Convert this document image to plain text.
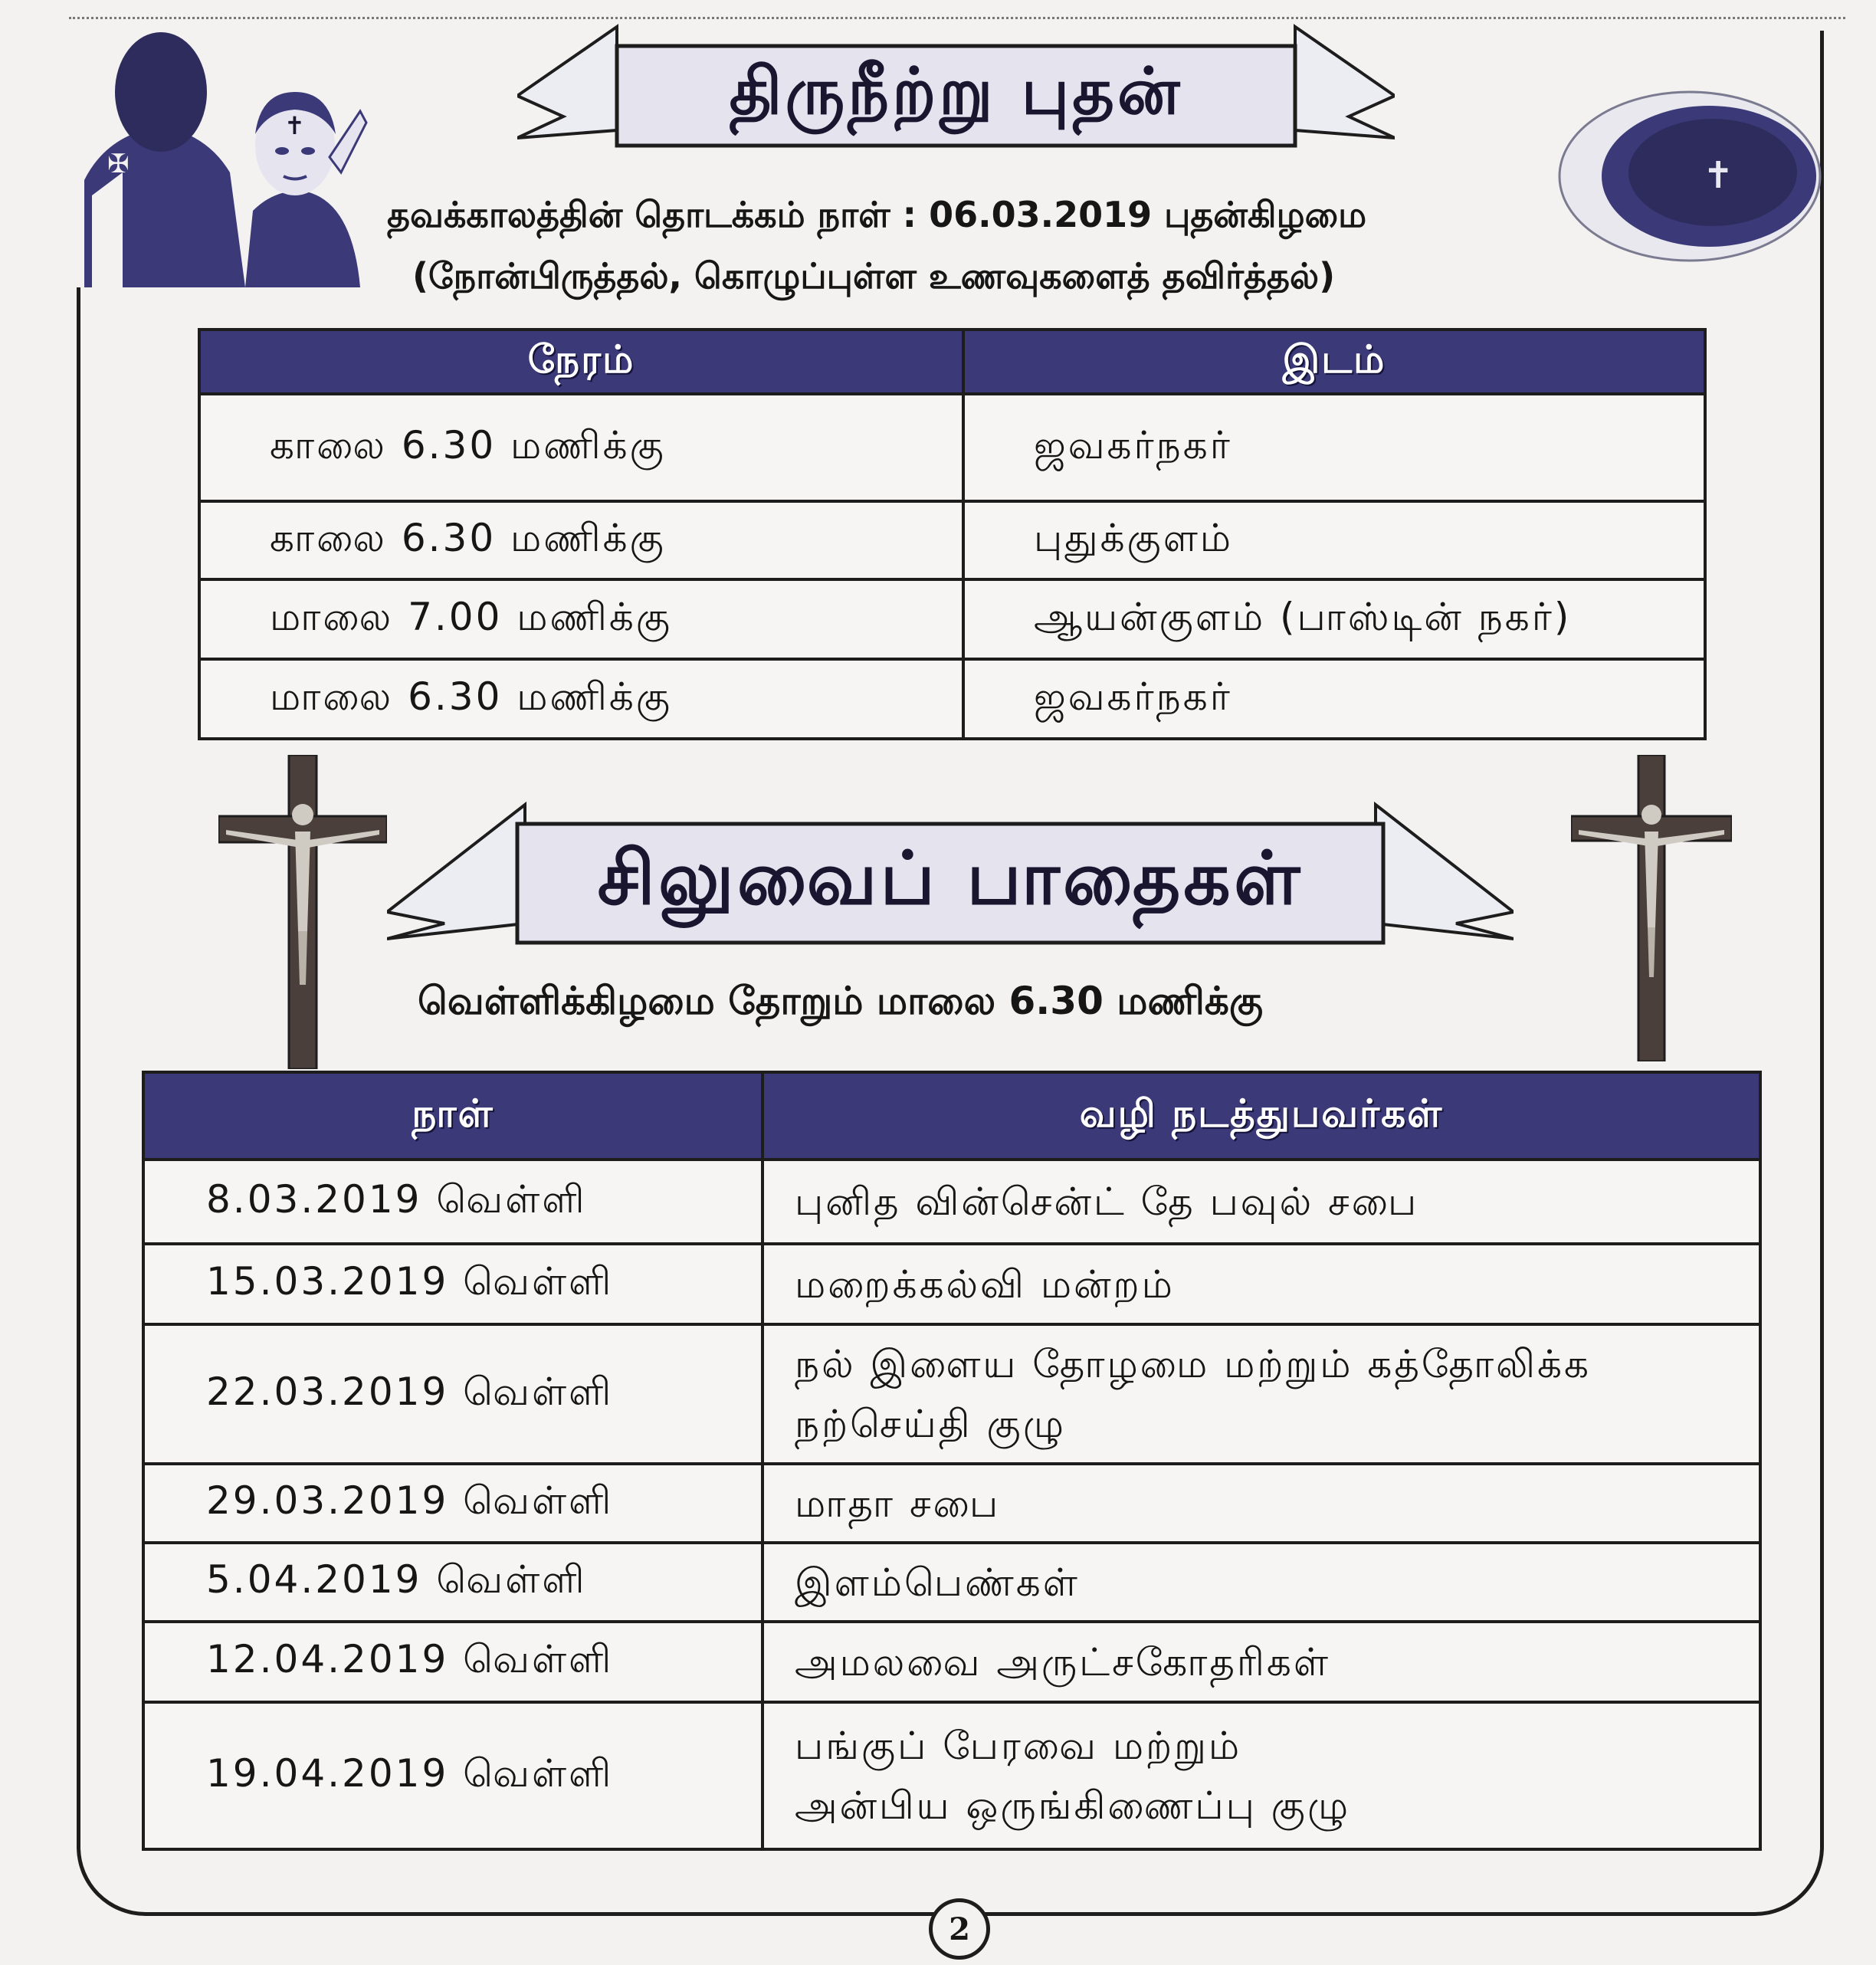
✠
✝
✝
திருநீற்று புதன்
தவக்காலத்தின் தொடக்கம் நாள் : 06.03.2019 புதன்கிழமை
(நோன்பிருத்தல், கொழுப்புள்ள உணவுகளைத் தவிர்த்தல்)
நேரம்	இடம்
காலை 6.30 மணிக்கு	ஜவகர்நகர்
காலை 6.30 மணிக்கு	புதுக்குளம்
மாலை 7.00 மணிக்கு	ஆயன்குளம் (பாஸ்டின் நகர்)
மாலை 6.30 மணிக்கு	ஜவகர்நகர்
சிலுவைப் பாதைகள்
வெள்ளிக்கிழமை தோறும் மாலை 6.30 மணிக்கு
நாள்	வழி நடத்துபவர்கள்
8.03.2019 வெள்ளி	புனித வின்சென்ட் தே பவுல் சபை
15.03.2019 வெள்ளி	மறைக்கல்வி மன்றம்
22.03.2019 வெள்ளி	நல் இளைய தோழமை மற்றும் கத்தோலிக்க
நற்செய்தி குழு
29.03.2019 வெள்ளி	மாதா சபை
5.04.2019 வெள்ளி	இளம்பெண்கள்
12.04.2019 வெள்ளி	அமலவை அருட்சகோதரிகள்
19.04.2019 வெள்ளி	பங்குப் பேரவை மற்றும்
அன்பிய ஒருங்கிணைப்பு குழு
2
